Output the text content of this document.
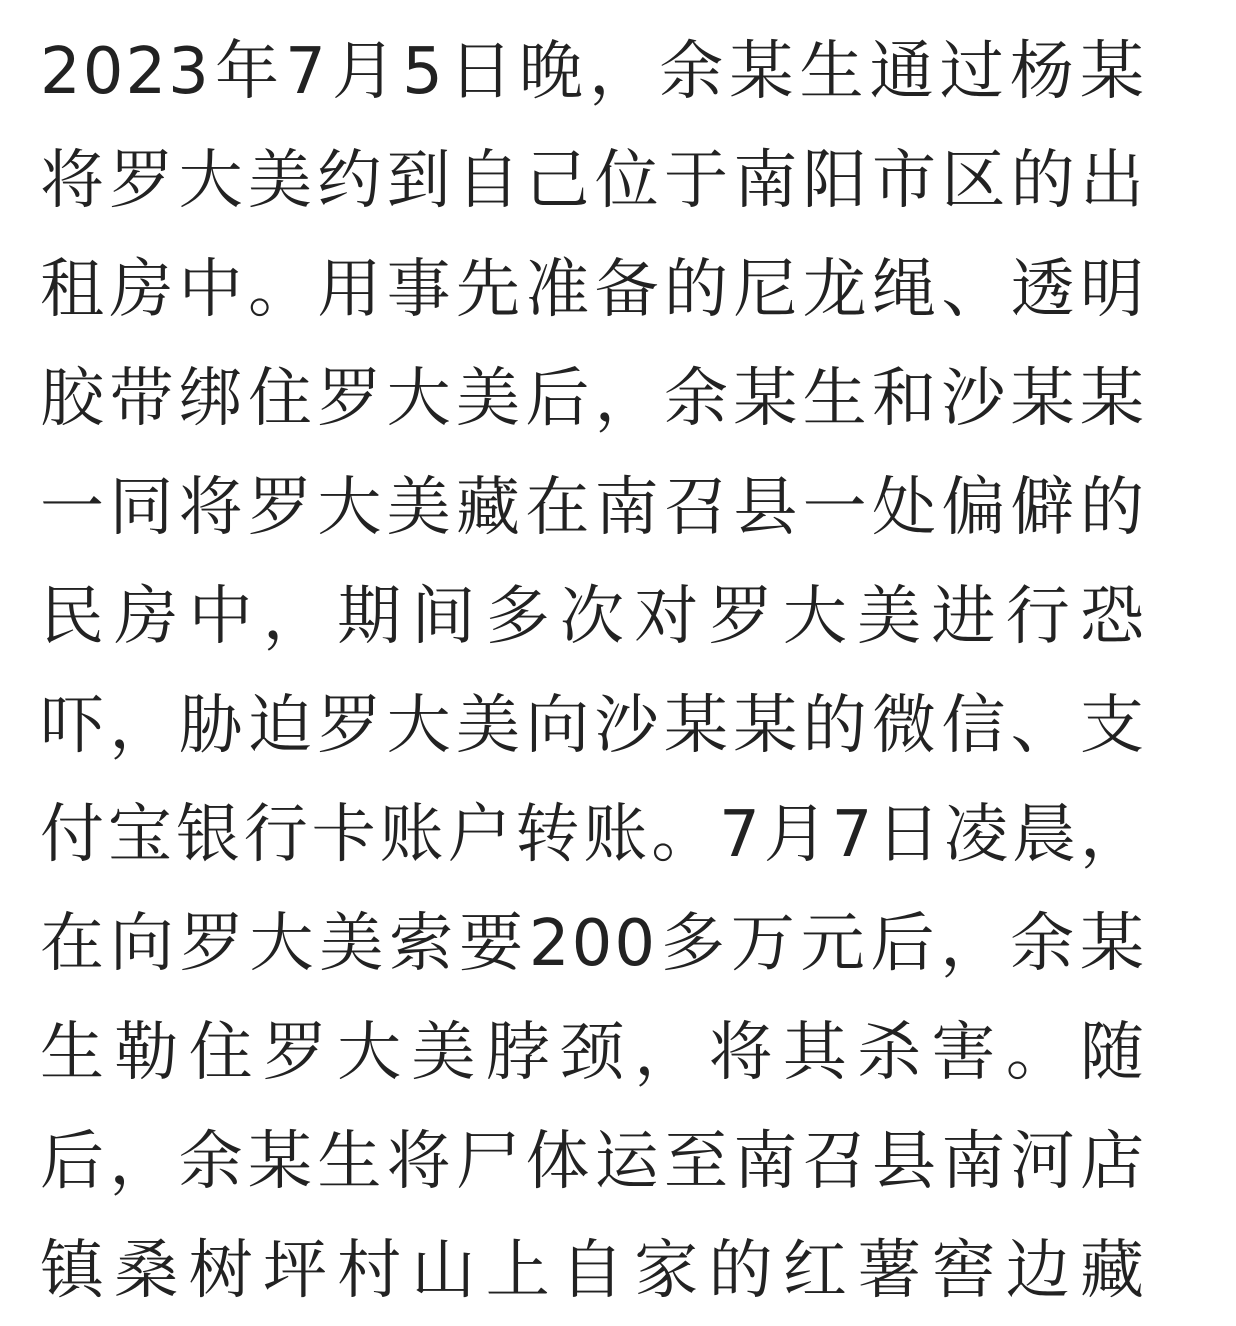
2023年7月5日晚，余某生通过杨某
将罗大美约到自己位于南阳市区的出
租房中。用事先准备的尼龙绳、透明
胶带绑住罗大美后，余某生和沙某某
一同将罗大美藏在南召县一处偏僻的
民房中，期间多次对罗大美进行恐
吓，胁迫罗大美向沙某某的微信、支
付宝银行卡账户转账。7月7日凌晨，
在向罗大美索要200多万元后，余某
生勒住罗大美脖颈，将其杀害。随
后，余某生将尸体运至南召县南河店
镇桑树坪村山上自家的红薯窖边藏
